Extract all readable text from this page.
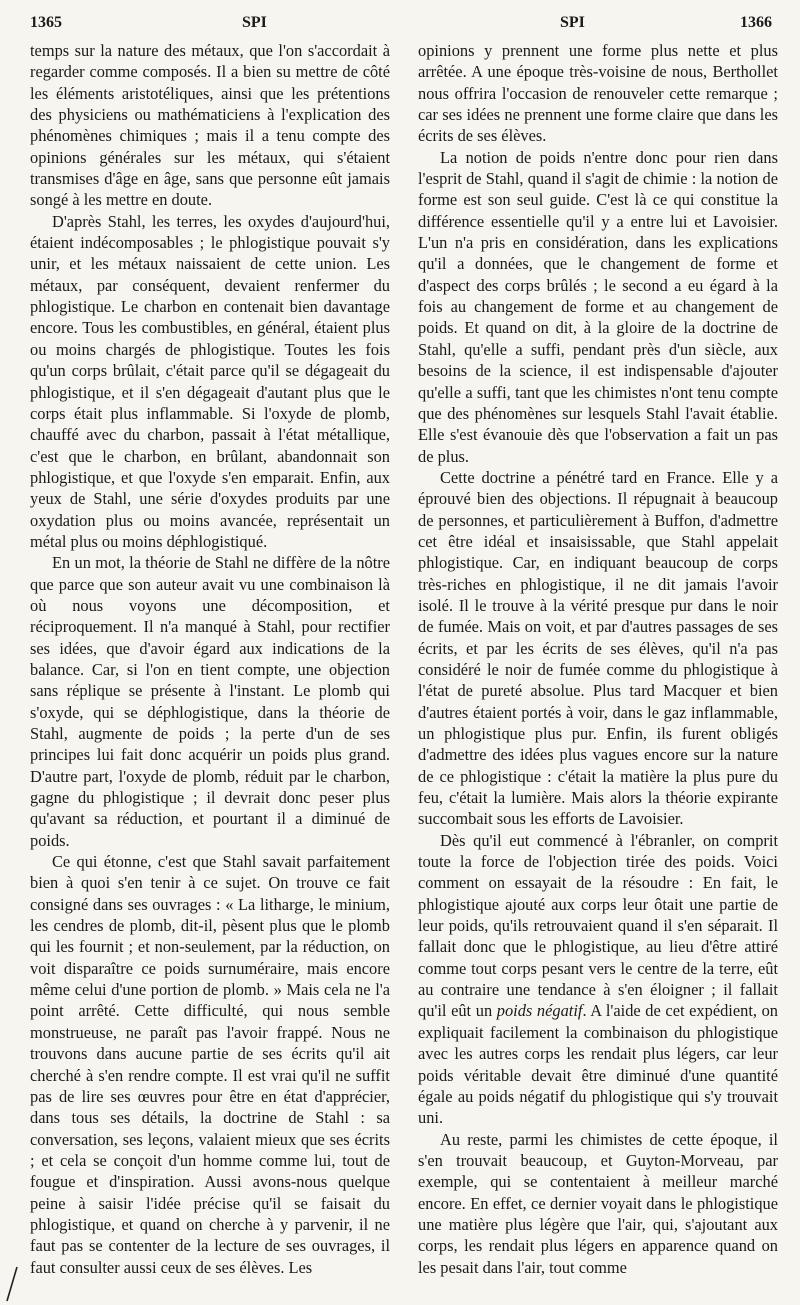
1365	SPI	SPI	1366

temps sur la nature des métaux, que l'on s'accordait à regarder comme composés. Il a bien su mettre de côté les éléments aristotéliques, ainsi que les prétentions des physiciens ou mathématiciens à l'explication des phénomènes chimiques ; mais il a tenu compte des opinions générales sur les métaux, qui s'étaient transmises d'âge en âge, sans que personne eût jamais songé à les mettre en doute.

D'après Stahl, les terres, les oxydes d'aujourd'hui, étaient indécomposables ; le phlogistique pouvait s'y unir, et les métaux naissaient de cette union. Les métaux, par conséquent, devaient renfermer du phlogistique. Le charbon en contenait bien davantage encore. Tous les combustibles, en général, étaient plus ou moins chargés de phlogistique. Toutes les fois qu'un corps brûlait, c'était parce qu'il se dégageait du phlogistique, et il s'en dégageait d'autant plus que le corps était plus inflammable. Si l'oxyde de plomb, chauffé avec du charbon, passait à l'état métallique, c'est que le charbon, en brûlant, abandonnait son phlogistique, et que l'oxyde s'en emparait. Enfin, aux yeux de Stahl, une série d'oxydes produits par une oxydation plus ou moins avancée, représentait un métal plus ou moins déphlogistiqué.

En un mot, la théorie de Stahl ne diffère de la nôtre que parce que son auteur avait vu une combinaison là où nous voyons une décomposition, et réciproquement. Il n'a manqué à Stahl, pour rectifier ses idées, que d'avoir égard aux indications de la balance. Car, si l'on en tient compte, une objection sans réplique se présente à l'instant. Le plomb qui s'oxyde, qui se déphlogistique, dans la théorie de Stahl, augmente de poids ; la perte d'un de ses principes lui fait donc acquérir un poids plus grand. D'autre part, l'oxyde de plomb, réduit par le charbon, gagne du phlogistique ; il devrait donc peser plus qu'avant sa réduction, et pourtant il a diminué de poids.

Ce qui étonne, c'est que Stahl savait parfaitement bien à quoi s'en tenir à ce sujet. On trouve ce fait consigné dans ses ouvrages : « La litharge, le minium, les cendres de plomb, dit-il, pèsent plus que le plomb qui les fournit ; et non-seulement, par la réduction, on voit disparaître ce poids surnuméraire, mais encore même celui d'une portion de plomb. » Mais cela ne l'a point arrêté. Cette difficulté, qui nous semble monstrueuse, ne paraît pas l'avoir frappé. Nous ne trouvons dans aucune partie de ses écrits qu'il ait cherché à s'en rendre compte. Il est vrai qu'il ne suffit pas de lire ses œuvres pour être en état d'apprécier, dans tous ses détails, la doctrine de Stahl : sa conversation, ses leçons, valaient mieux que ses écrits ; et cela se conçoit d'un homme comme lui, tout de fougue et d'inspiration. Aussi avons-nous quelque peine à saisir l'idée précise qu'il se faisait du phlogistique, et quand on cherche à y parvenir, il ne faut pas se contenter de la lecture de ses ouvrages, il faut consulter aussi ceux de ses élèves. Les

opinions y prennent une forme plus nette et plus arrêtée. A une époque très-voisine de nous, Berthollet nous offrira l'occasion de renouveler cette remarque ; car ses idées ne prennent une forme claire que dans les écrits de ses élèves.

La notion de poids n'entre donc pour rien dans l'esprit de Stahl, quand il s'agit de chimie : la notion de forme est son seul guide. C'est là ce qui constitue la différence essentielle qu'il y a entre lui et Lavoisier. L'un n'a pris en considération, dans les explications qu'il a données, que le changement de forme et d'aspect des corps brûlés ; le second a eu égard à la fois au changement de forme et au changement de poids. Et quand on dit, à la gloire de la doctrine de Stahl, qu'elle a suffi, pendant près d'un siècle, aux besoins de la science, il est indispensable d'ajouter qu'elle a suffi, tant que les chimistes n'ont tenu compte que des phénomènes sur lesquels Stahl l'avait établie. Elle s'est évanouie dès que l'observation a fait un pas de plus.

Cette doctrine a pénétré tard en France. Elle y a éprouvé bien des objections. Il répugnait à beaucoup de personnes, et particulièrement à Buffon, d'admettre cet être idéal et insaisissable, que Stahl appelait phlogistique. Car, en indiquant beaucoup de corps très-riches en phlogistique, il ne dit jamais l'avoir isolé. Il le trouve à la vérité presque pur dans le noir de fumée. Mais on voit, et par d'autres passages de ses écrits, et par les écrits de ses élèves, qu'il n'a pas considéré le noir de fumée comme du phlogistique à l'état de pureté absolue. Plus tard Macquer et bien d'autres étaient portés à voir, dans le gaz inflammable, un phlogistique plus pur. Enfin, ils furent obligés d'admettre des idées plus vagues encore sur la nature de ce phlogistique : c'était la matière la plus pure du feu, c'était la lumière. Mais alors la théorie expirante succombait sous les efforts de Lavoisier.

Dès qu'il eut commencé à l'ébranler, on comprit toute la force de l'objection tirée des poids. Voici comment on essayait de la résoudre : En fait, le phlogistique ajouté aux corps leur ôtait une partie de leur poids, qu'ils retrouvaient quand il s'en séparait. Il fallait donc que le phlogistique, au lieu d'être attiré comme tout corps pesant vers le centre de la terre, eût au contraire une tendance à s'en éloigner ; il fallait qu'il eût un poids négatif. A l'aide de cet expédient, on expliquait facilement la combinaison du phlogistique avec les autres corps les rendait plus légers, car leur poids véritable devait être diminué d'une quantité égale au poids négatif du phlogistique qui s'y trouvait uni.

Au reste, parmi les chimistes de cette époque, il s'en trouvait beaucoup, et Guyton-Morveau, par exemple, qui se contentaient à meilleur marché encore. En effet, ce dernier voyait dans le phlogistique une matière plus légère que l'air, qui, s'ajoutant aux corps, les rendait plus légers en apparence quand on les pesait dans l'air, tout comme
